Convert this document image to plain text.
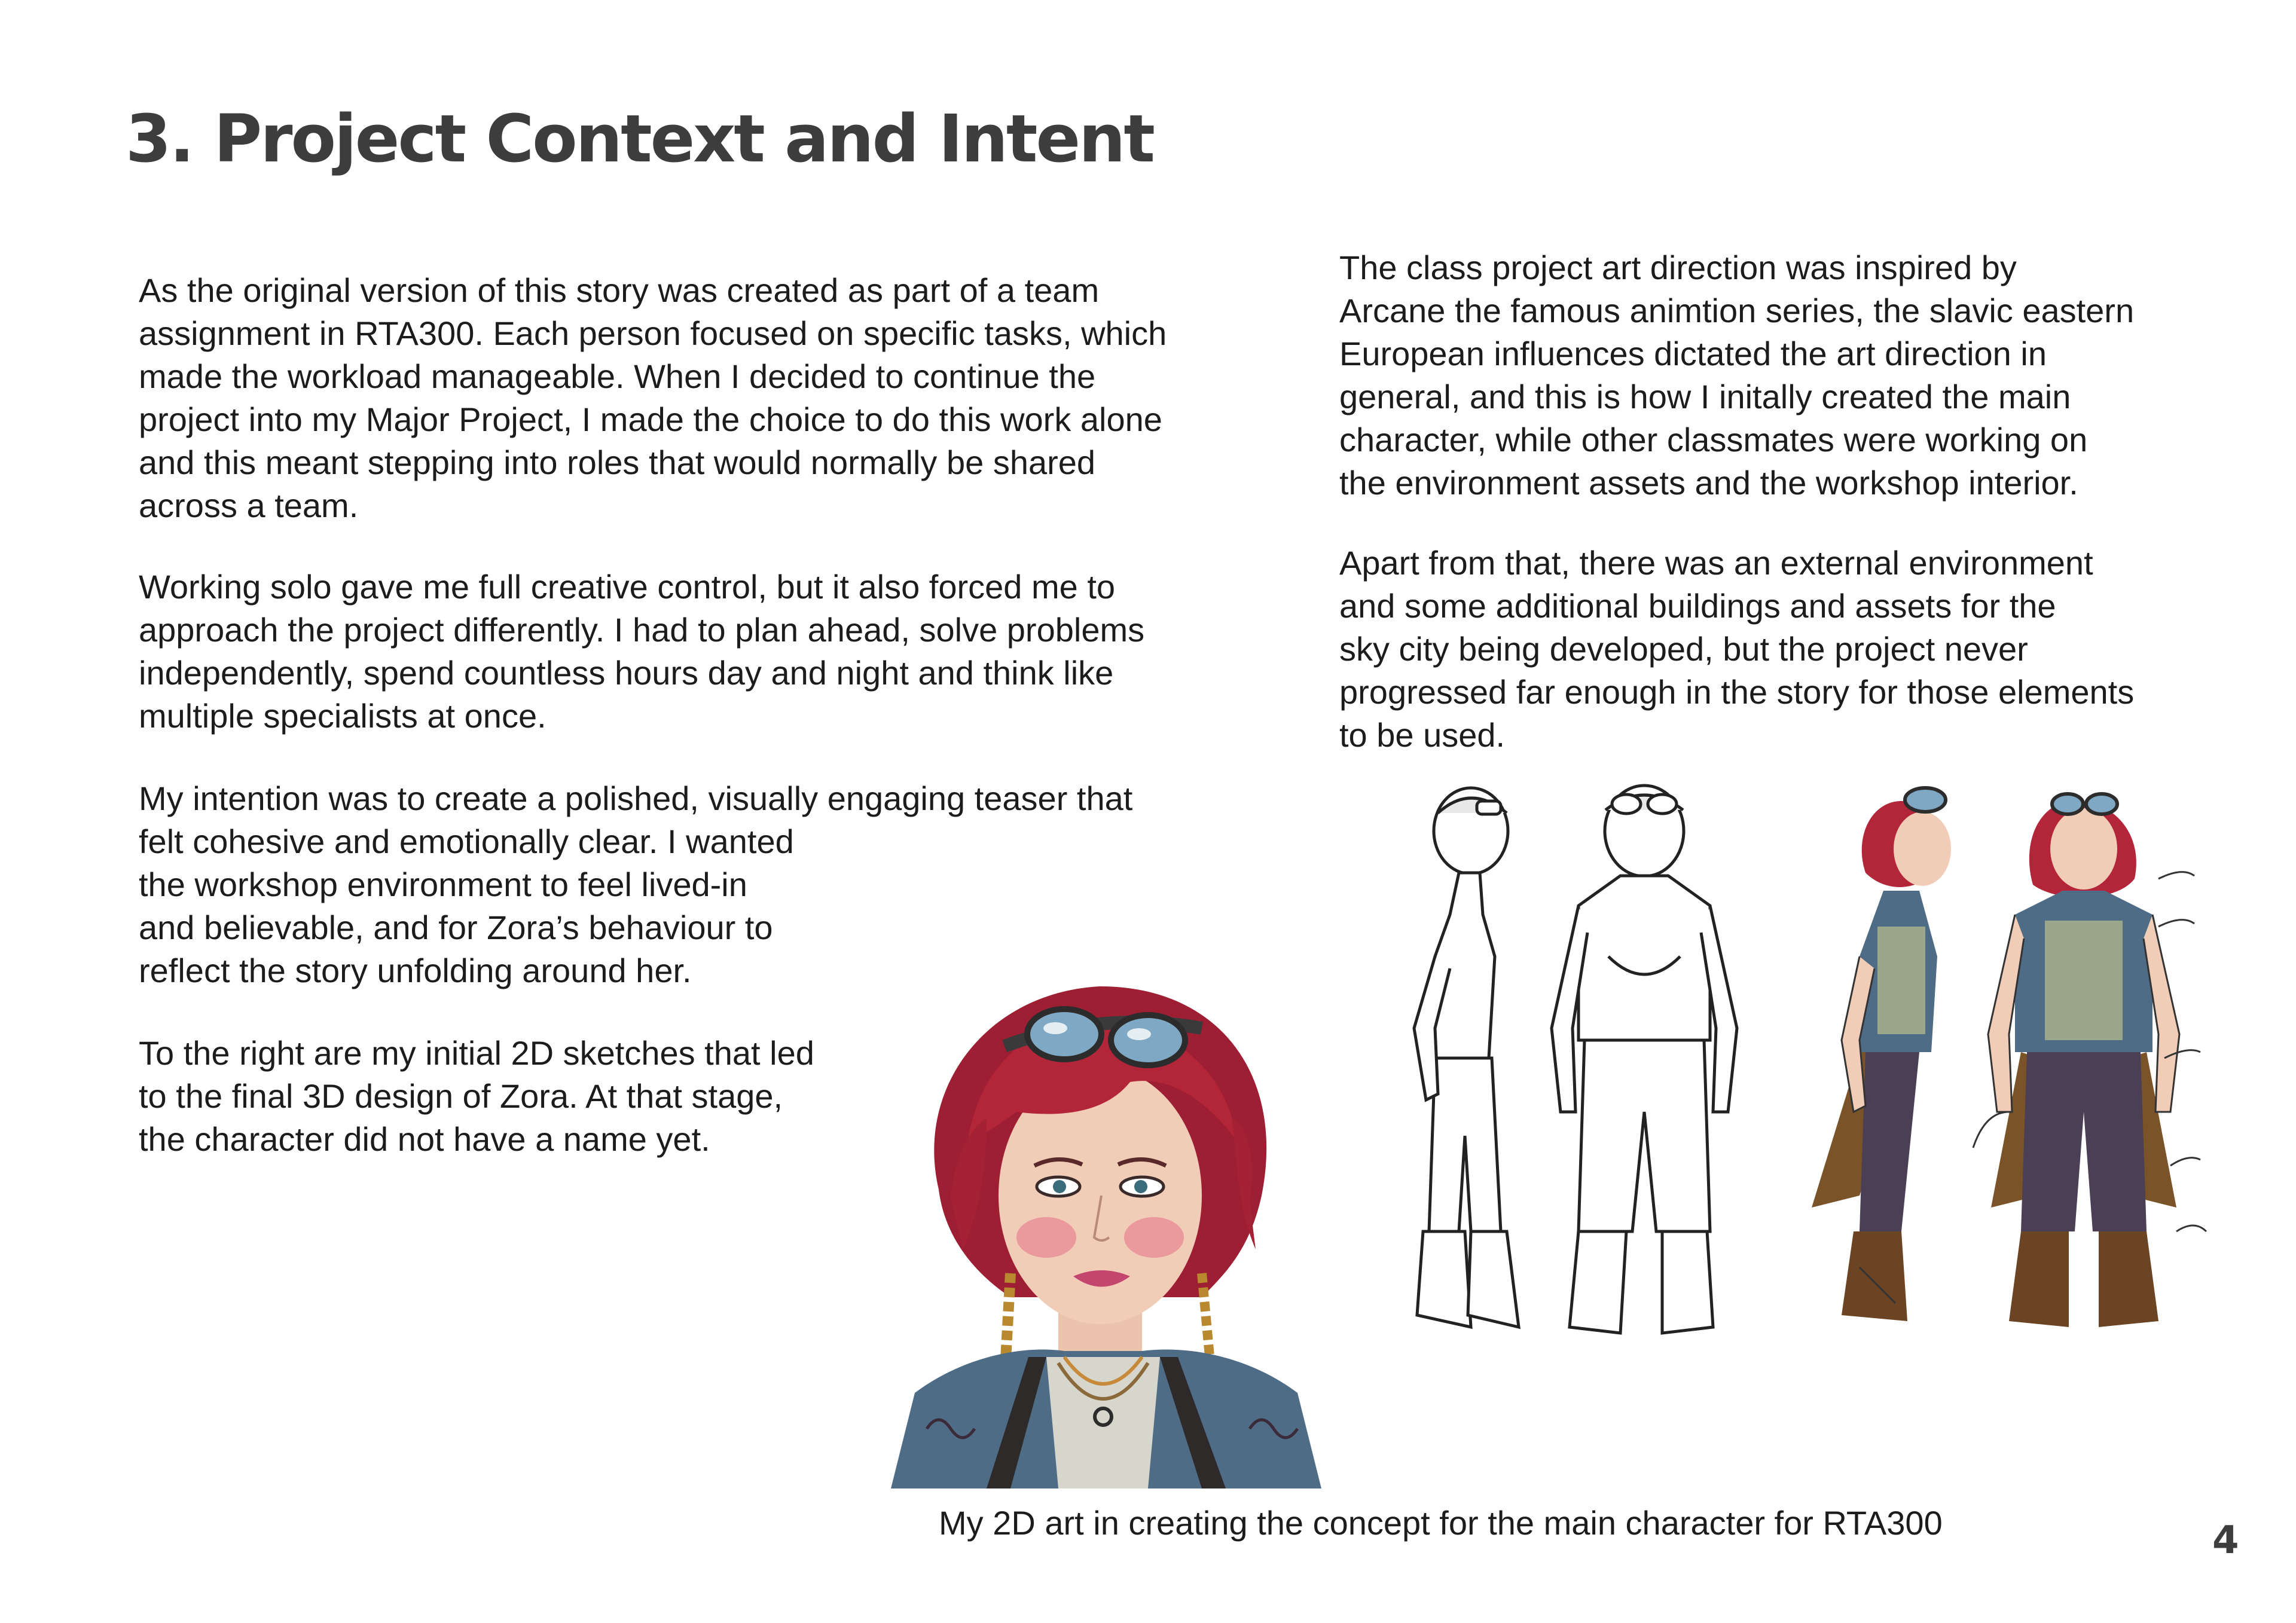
3. Project Context and Intent
As the original version of this story was created as part of a team
assignment in RTA300. Each person focused on specific tasks, which
made the workload manageable. When I decided to continue the
project into my Major Project, I made the choice to do this work alone
and this meant stepping into roles that would normally be shared
across a team.
Working solo gave me full creative control, but it also forced me to
approach the project differently. I had to plan ahead, solve problems
independently, spend countless hours day and night and think like
multiple specialists at once.
My intention was to create a polished, visually engaging teaser that
felt cohesive and emotionally clear. I wanted
the workshop environment to feel lived-in
and believable, and for Zora’s behaviour to
reflect the story unfolding around her.
To the right are my initial 2D sketches that led
to the final 3D design of Zora. At that stage,
the character did not have a name yet.
The class project art direction was inspired by
Arcane the famous animtion series, the slavic eastern
European influences dictated the art direction in
general, and this is how I initally created the main
character, while other classmates were working on
the environment assets and the workshop interior.
Apart from that, there was an external environment
and some additional buildings and assets for the
sky city being developed, but the project never
progressed far enough in the story for those elements
to be used.

My 2D art in creating the concept for the main character for RTA300	4
